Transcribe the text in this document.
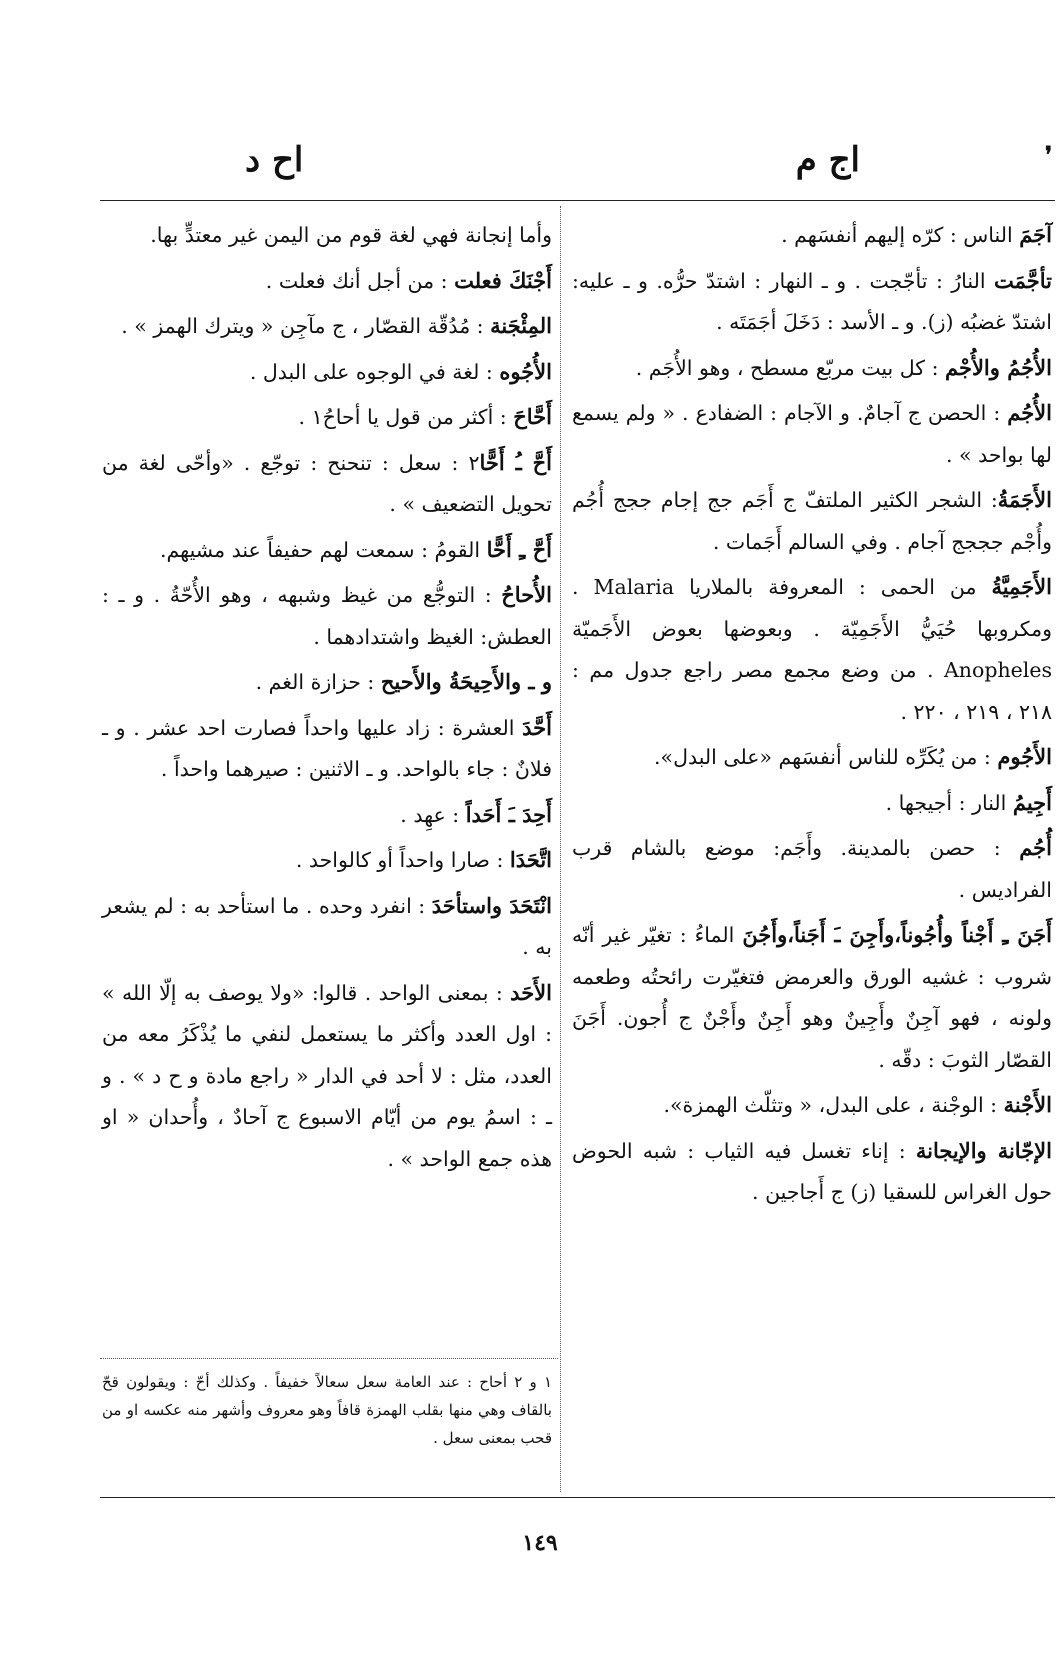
اج م
اح د

آجَمَ الناس : كرّه إليهم أنفسَهم .

تأجَّمَت النارُ : تأجّجت . و ـ النهار : اشتدّ حرُّه. و ـ عليه: اشتدّ غضبُه (ز). و ـ الأسد : دَخَلَ أجَمَتَه .

الأُجُمُ والأُجْم : كل بيت مربّع مسطح ، وهو الأُجَم .

الأُجُم : الحصن ج آجامٌ. و الآجام : الضفادع . « ولم يسمع لها بواحد » .

الأَجَمَةُ: الشجر الكثير الملتفّ ج أَجَم جج إجام ججج أُجُم وأُجْم جججج آجام . وفي السالم أَجَمات .

الأَجَمِيَّةُ من الحمى : المعروفة بالملاريا Malaria . ومكروبها حُيَيُّ الأَجَمِيّة . وبعوضها بعوض الأَجَميّة Anopheles . من وضع مجمع مصر راجع جدول مم : ٢١٨ ، ٢١٩ ، ٢٢٠ .

الأَجُوم : من يُكَرِّه للناس أنفسَهم «على البدل».

أَجِيمُ النار : أجيجها .

أُجُم : حصن بالمدينة. وأَجَم: موضع بالشام قرب الفراديس .

أَجَنَ ـِ أَجْناً وأُجُوناً،وأَجِنَ ـَ أَجَناً،وأَجُنَ الماءُ : تغيّر غير أنّه شروب : غشيه الورق والعرمض فتغيّرت رائحتُه وطعمه ولونه ، فهو آجِنٌ وأَجِينٌ وهو أَجِنٌ وأَجْنٌ ج أُجون. أَجَنَ القصّار الثوبَ : دقّه .

الأَجْنة : الوجْنة ، على البدل، « وتثلّث الهمزة».

الإجّانة والإيجانة : إناء تغسل فيه الثياب : شبه الحوض حول الغراس للسقيا (ز) ج أَجاجين .

وأما إنجانة فهي لغة قوم من اليمن غير معتدٍّ بها.

أَجْنَكَ فعلت : من أجل أنك فعلت .

المِئْجَنة : مُدُقّة القصّار ، ج مآجِن « ويترك الهمز » .

الأُجُوه : لغة في الوجوه على البدل .

أَحَّاحَ : أكثر من قول يا أحاحُ١ .

أَحَّ ـُ أَحًّا٢ : سعل : تنحنح : توجّع . «وأحّى لغة من تحويل التضعيف » .

أَحَّ ـِ أَحًّا القومُ : سمعت لهم حفيفاً عند مشيهم.

الأُحاحُ : التوجُّع من غيظ وشبهه ، وهو الأُحّةُ . و ـ : العطش: الغيظ واشتدادهما .

و ـ والأَحِيحَةُ والأَحيح : حزازة الغم .

أَحَّدَ العشرة : زاد عليها واحداً فصارت احد عشر . و ـ فلانٌ : جاء بالواحد. و ـ الاثنين : صيرهما واحداً .

أَحِدَ ـَ أَحَداً : عهِد .

اتَّحَدَا : صارا واحداً أو كالواحد .

انْتَحَدَ واستأحَدَ : انفرد وحده . ما استأحد به : لم يشعر به .

الأَحَد : بمعنى الواحد . قالوا: «ولا يوصف به إلّا الله » : اول العدد وأكثر ما يستعمل لنفي ما يُذْكَرُ معه من العدد، مثل : لا أحد في الدار « راجع مادة و ح د » . و ـ : اسمُ يوم من أيّام الاسبوع ج آحادٌ ، وأُحدان « او هذه جمع الواحد » .

١ و ٢ أحاح : عند العامة سعل سعالاً خفيفاً . وكذلك أحّ : ويقولون قحّ بالقاف وهي منها بقلب الهمزة قافاً وهو معروف وأشهر منه عكسه او من قحب بمعنى سعل .
١٤٩
❜
